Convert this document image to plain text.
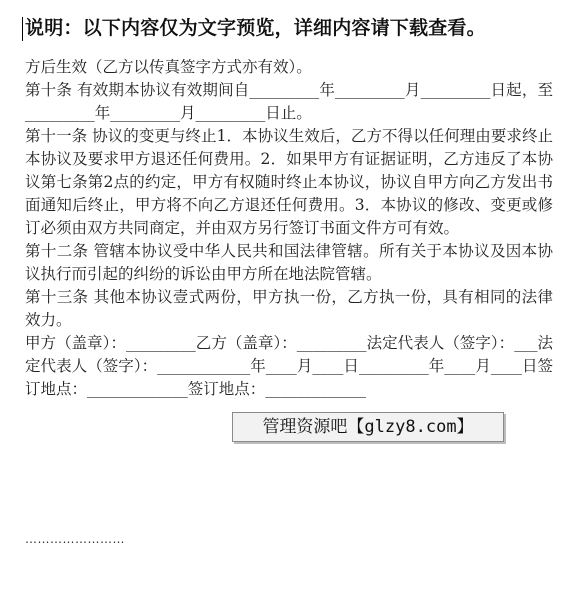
说明：以下内容仅为文字预览，详细内容请下载查看。

方后生效（乙方以传真签字方式亦有效）。

第十条 有效期本协议有效期间自_________年_________月_________日起，至_________年_________月_________日止。

第十一条 协议的变更与终止1．本协议生效后，乙方不得以任何理由要求终止本协议及要求甲方退还任何费用。2．如果甲方有证据证明，乙方违反了本协议第七条第2点的约定，甲方有权随时终止本协议，协议自甲方向乙方发出书面通知后终止，甲方将不向乙方退还任何费用。3．本协议的修改、变更或修订必须由双方共同商定，并由双方另行签订书面文件方可有效。

第十二条 管辖本协议受中华人民共和国法律管辖。所有关于本协议及因本协议执行而引起的纠纷的诉讼由甲方所在地法院管辖。

第十三条 其他本协议壹式两份，甲方执一份，乙方执一份，具有相同的法律效力。

甲方（盖章）：_________乙方（盖章）：_________法定代表人（签字）：___法定代表人（签字）：____________年____月____日_________年____月____日签订地点：_____________签订地点：_____________

……………………
管理资源吧【glzy8.com】
